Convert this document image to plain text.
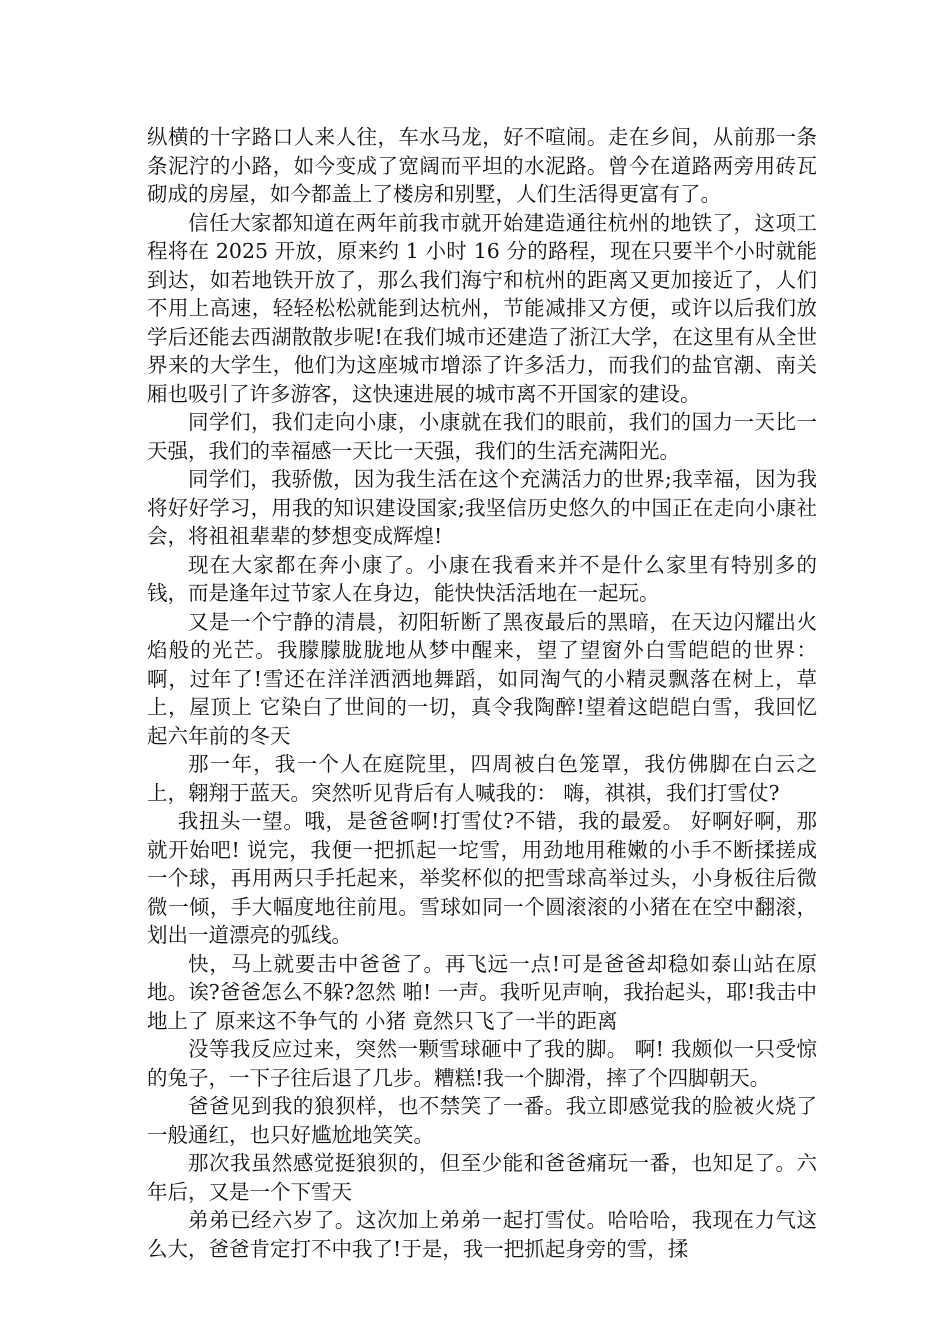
纵横的十字路口人来人往，车水马龙，好不喧闹。走在乡间，从前那一条条泥泞的小路，如今变成了宽阔而平坦的水泥路。曾今在道路两旁用砖瓦砌成的房屋，如今都盖上了楼房和别墅，人们生活得更富有了。

信任大家都知道在两年前我市就开始建造通往杭州的地铁了，这项工程将在 2025 开放，原来约 1 小时 16 分的路程，现在只要半个小时就能到达，如若地铁开放了，那么我们海宁和杭州的距离又更加接近了，人们不用上高速，轻轻松松就能到达杭州，节能减排又方便，或许以后我们放学后还能去西湖散散步呢!在我们城市还建造了浙江大学，在这里有从全世界来的大学生，他们为这座城市增添了许多活力，而我们的盐官潮、南关厢也吸引了许多游客，这快速进展的城市离不开国家的建设。

同学们，我们走向小康，小康就在我们的眼前，我们的国力一天比一天强，我们的幸福感一天比一天强，我们的生活充满阳光。

同学们，我骄傲，因为我生活在这个充满活力的世界;我幸福，因为我将好好学习，用我的知识建设国家;我坚信历史悠久的中国正在走向小康社会，将祖祖辈辈的梦想变成辉煌!

现在大家都在奔小康了。小康在我看来并不是什么家里有特别多的钱，而是逢年过节家人在身边，能快快活活地在一起玩。

又是一个宁静的清晨，初阳斩断了黑夜最后的黑暗，在天边闪耀出火焰般的光芒。我朦朦胧胧地从梦中醒来，望了望窗外白雪皑皑的世界：啊，过年了!雪还在洋洋洒洒地舞蹈，如同淘气的小精灵飘落在树上，草上，屋顶上 它染白了世间的一切，真令我陶醉!望着这皑皑白雪，我回忆起六年前的冬天

那一年，我一个人在庭院里，四周被白色笼罩，我仿佛脚在白云之上，翱翔于蓝天。突然听见背后有人喊我的： 嗨，祺祺，我们打雪仗?

我扭头一望。哦，是爸爸啊!打雪仗?不错，我的最爱。 好啊好啊，那就开始吧! 说完，我便一把抓起一坨雪，用劲地用稚嫩的小手不断揉搓成一个球，再用两只手托起来，举奖杯似的把雪球高举过头，小身板往后微微一倾，手大幅度地往前甩。雪球如同一个圆滚滚的小猪在在空中翻滚，划出一道漂亮的弧线。

快，马上就要击中爸爸了。再飞远一点!可是爸爸却稳如泰山站在原地。诶?爸爸怎么不躲?忽然 啪! 一声。我听见声响，我抬起头，耶!我击中 地上了 原来这不争气的 小猪 竟然只飞了一半的距离

没等我反应过来，突然一颗雪球砸中了我的脚。 啊! 我颇似一只受惊的兔子，一下子往后退了几步。糟糕!我一个脚滑，摔了个四脚朝天。

爸爸见到我的狼狈样，也不禁笑了一番。我立即感觉我的脸被火烧了一般通红，也只好尴尬地笑笑。

那次我虽然感觉挺狼狈的，但至少能和爸爸痛玩一番，也知足了。六年后，又是一个下雪天

弟弟已经六岁了。这次加上弟弟一起打雪仗。哈哈哈，我现在力气这么大，爸爸肯定打不中我了!于是，我一把抓起身旁的雪，揉
